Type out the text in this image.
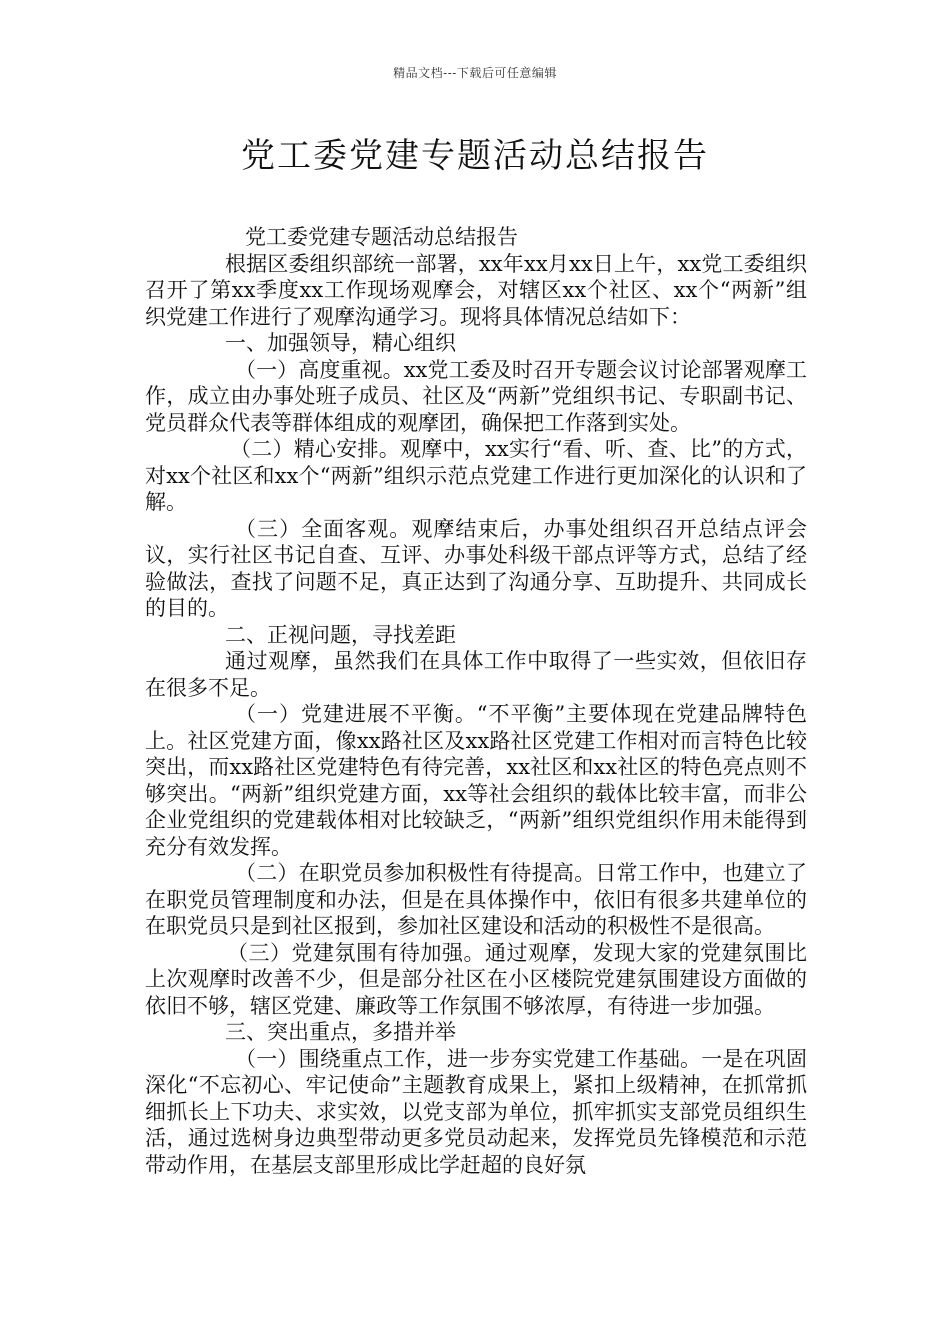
精品文档---下载后可任意编辑
党工委党建专题活动总结报告

党工委党建专题活动总结报告

根据区委组织部统一部署，xx年xx月xx日上午，xx党工委组织召开了第xx季度xx工作现场观摩会，对辖区xx个社区、xx个“两新”组织党建工作进行了观摩沟通学习。现将具体情况总结如下：

一、加强领导，精心组织

（一）高度重视。xx党工委及时召开专题会议讨论部署观摩工作，成立由办事处班子成员、社区及“两新”党组织书记、专职副书记、党员群众代表等群体组成的观摩团，确保把工作落到实处。

（二）精心安排。观摩中，xx实行“看、听、查、比”的方式，对xx个社区和xx个“两新”组织示范点党建工作进行更加深化的认识和了解。

（三）全面客观。观摩结束后，办事处组织召开总结点评会议，实行社区书记自查、互评、办事处科级干部点评等方式，总结了经验做法，查找了问题不足，真正达到了沟通分享、互助提升、共同成长的目的。

二、正视问题，寻找差距

通过观摩，虽然我们在具体工作中取得了一些实效，但依旧存在很多不足。

（一）党建进展不平衡。“不平衡”主要体现在党建品牌特色上。社区党建方面，像xx路社区及xx路社区党建工作相对而言特色比较突出，而xx路社区党建特色有待完善，xx社区和xx社区的特色亮点则不够突出。“两新”组织党建方面，xx等社会组织的载体比较丰富，而非公企业党组织的党建载体相对比较缺乏，“两新”组织党组织作用未能得到充分有效发挥。

（二）在职党员参加积极性有待提高。日常工作中，也建立了在职党员管理制度和办法，但是在具体操作中，依旧有很多共建单位的在职党员只是到社区报到，参加社区建设和活动的积极性不是很高。

（三）党建氛围有待加强。通过观摩，发现大家的党建氛围比上次观摩时改善不少，但是部分社区在小区楼院党建氛围建设方面做的依旧不够，辖区党建、廉政等工作氛围不够浓厚，有待进一步加强。

三、突出重点，多措并举

（一）围绕重点工作，进一步夯实党建工作基础。一是在巩固深化“不忘初心、牢记使命”主题教育成果上，紧扣上级精神，在抓常抓细抓长上下功夫、求实效，以党支部为单位，抓牢抓实支部党员组织生活，通过选树身边典型带动更多党员动起来，发挥党员先锋模范和示范带动作用，在基层支部里形成比学赶超的良好氛
